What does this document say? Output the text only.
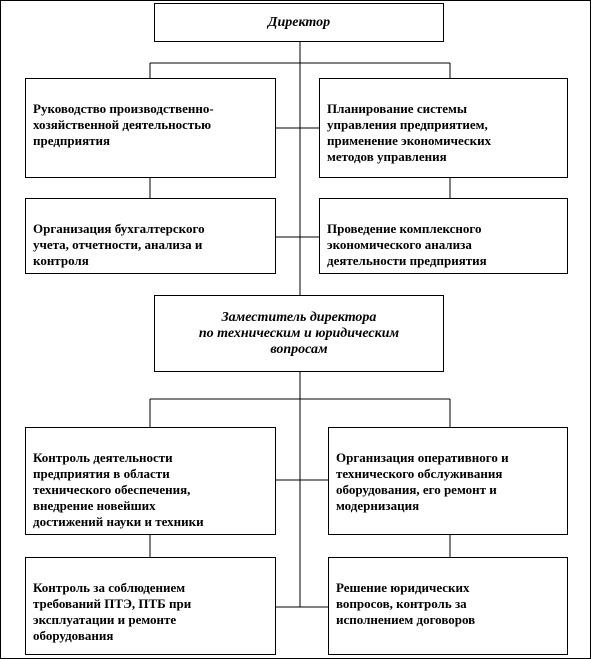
Директор

Руководство производственно-
хозяйственной деятельностью
предприятия

Организация бухгалтерского
учета, отчетности, анализа и
контроля

Планирование системы
управления предприятием,
применение экономических
методов управления

Проведение комплексного
экономического анализа
деятельности предприятия

Заместитель директора
по техническим и юридическим
вопросам

Контроль деятельности
предприятия в области
технического обеспечения,
внедрение новейших
достижений науки и техники

Контроль за соблюдением
требований ПТЭ, ПТБ при
эксплуатации и ремонте
оборудования

Организация оперативного и
технического обслуживания
оборудования, его ремонт и
модернизация

Решение юридических
вопросов, контроль за
исполнением договоров
